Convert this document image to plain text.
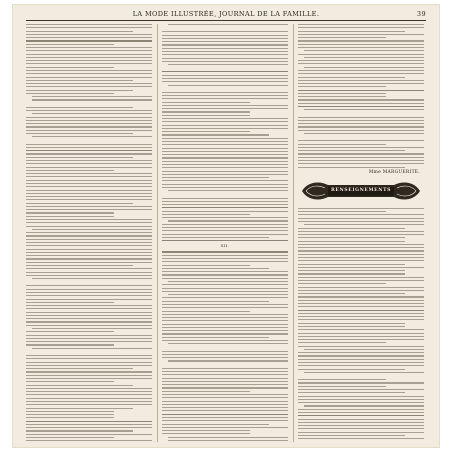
LA MODE ILLUSTRÉE, JOURNAL DE LA FAMILLE.	39
XII.
Mme MARGUERITE.
RENSEIGNEMENTS
